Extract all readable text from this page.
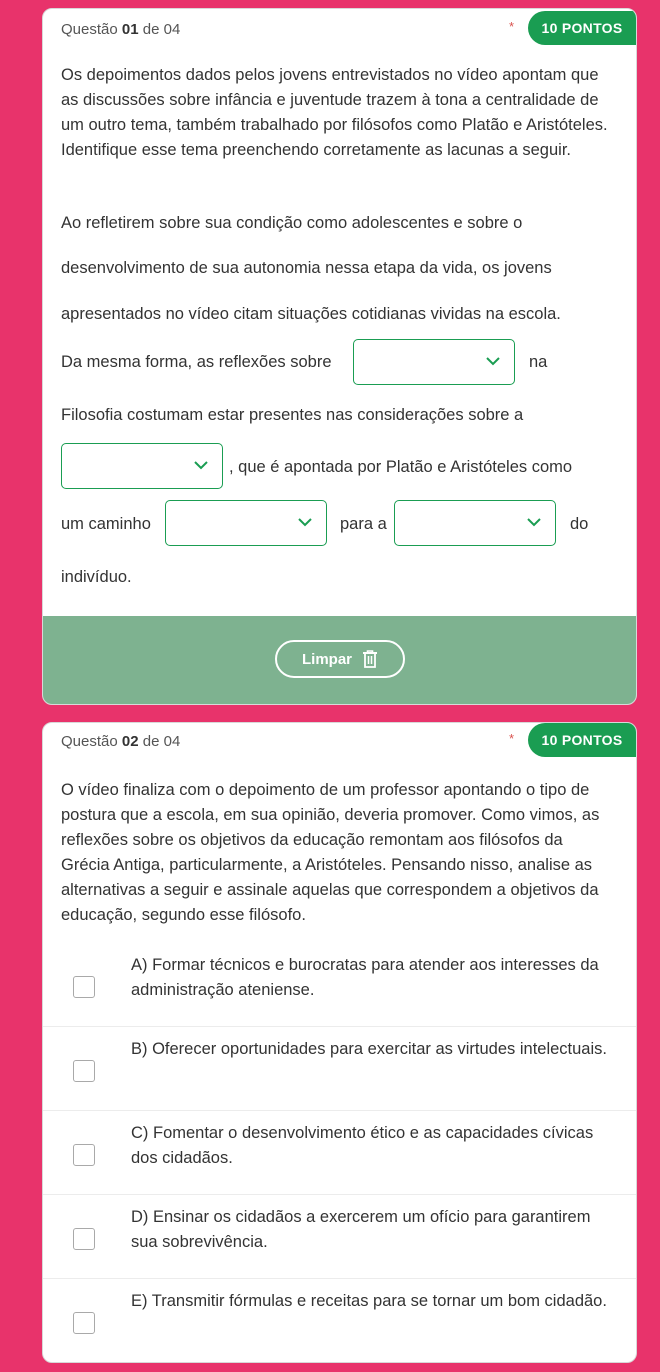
Questão 01 de 04	*	10 PONTOS

Os depoimentos dados pelos jovens entrevistados no vídeo apontam que as discussões sobre infância e juventude trazem à tona a centralidade de um outro tema, também trabalhado por filósofos como Platão e Aristóteles. Identifique esse tema preenchendo corretamente as lacunas a seguir.

Ao refletirem sobre sua condição como adolescentes e sobre o
desenvolvimento de sua autonomia nessa etapa da vida, os jovens
apresentados no vídeo citam situações cotidianas vividas na escola.
Da mesma forma, as reflexões sobre	na
Filosofia costumam estar presentes nas considerações sobre a
, que é apontada por Platão e Aristóteles como
um caminho	para a	do
indivíduo.
Limpar
Questão 02 de 04	*	10 PONTOS

O vídeo finaliza com o depoimento de um professor apontando o tipo de postura que a escola, em sua opinião, deveria promover. Como vimos, as reflexões sobre os objetivos da educação remontam aos filósofos da Grécia Antiga, particularmente, a Aristóteles. Pensando nisso, analise as alternativas a seguir e assinale aquelas que correspondem a objetivos da educação, segundo esse filósofo.

A) Formar técnicos e burocratas para atender aos interesses da administração ateniense.
B) Oferecer oportunidades para exercitar as virtudes intelectuais.
C) Fomentar o desenvolvimento ético e as capacidades cívicas dos cidadãos.
D) Ensinar os cidadãos a exercerem um ofício para garantirem sua sobrevivência.
E) Transmitir fórmulas e receitas para se tornar um bom cidadão.
